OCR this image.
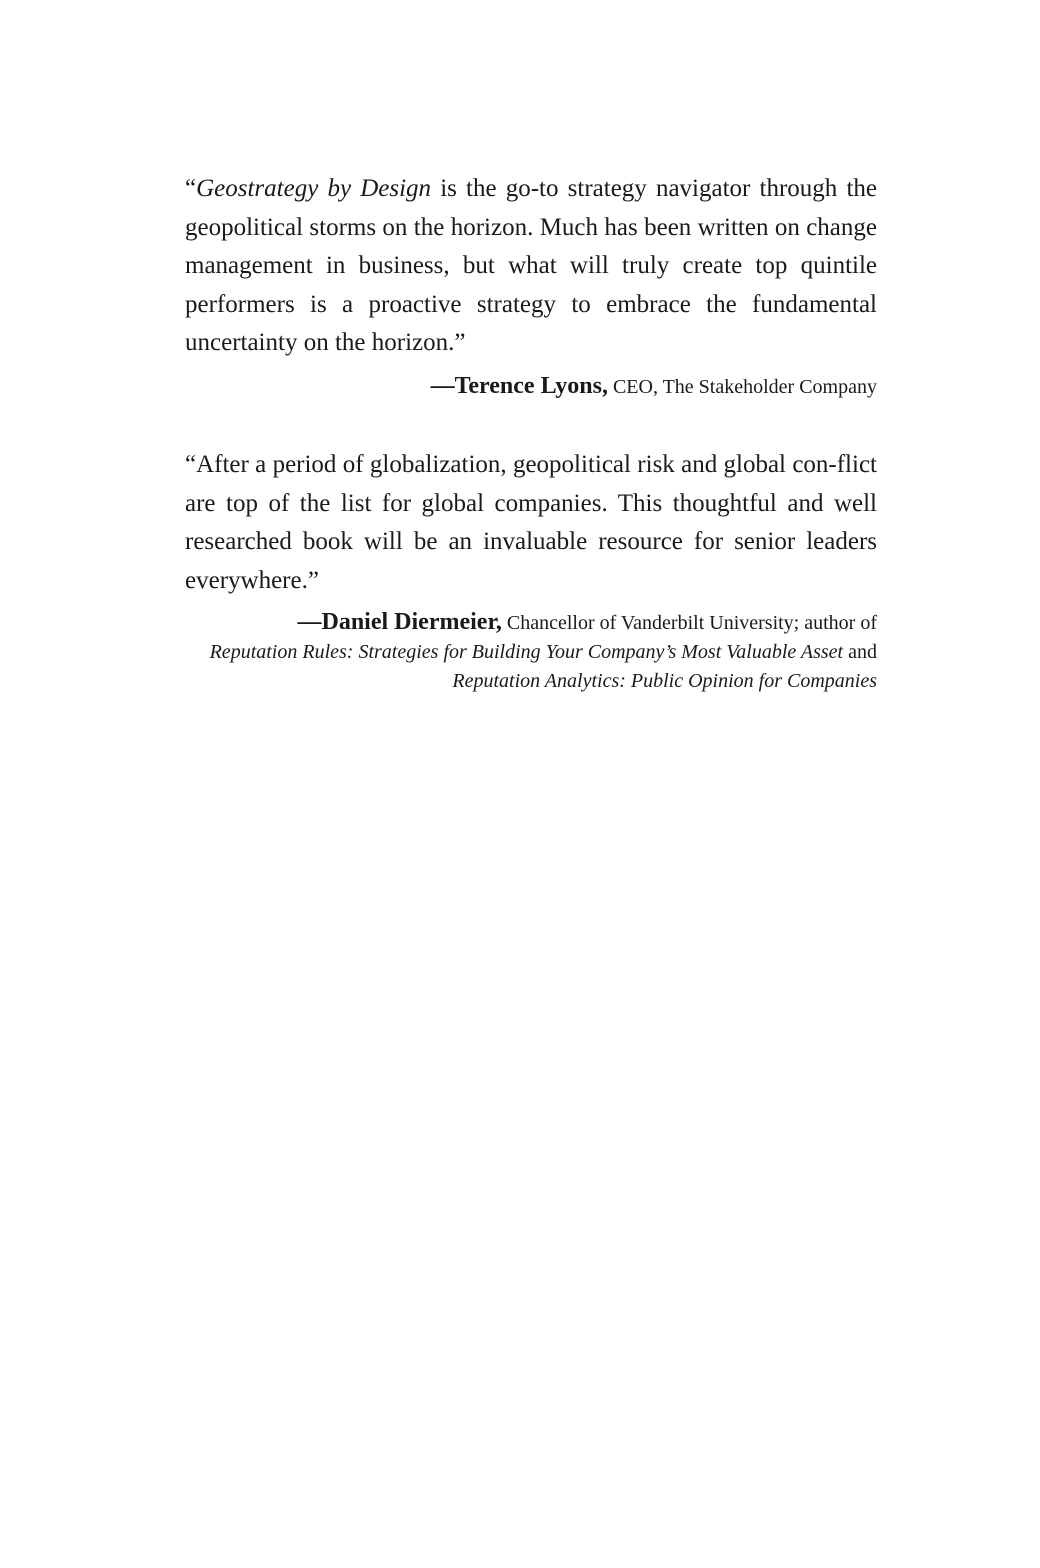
“Geostrategy by Design is the go-to strategy navigator through the geopolitical storms on the horizon. Much has been written on change management in business, but what will truly create top quintile performers is a proactive strategy to embrace the fundamental uncertainty on the horizon.”

—Terence Lyons, CEO, The Stakeholder Company

“After a period of globalization, geopolitical risk and global con-flict are top of the list for global companies. This thoughtful and well researched book will be an invaluable resource for senior leaders everywhere.”

—Daniel Diermeier, Chancellor of Vanderbilt University; author of
Reputation Rules: Strategies for Building Your Company’s Most Valuable Asset and Reputation Analytics: Public Opinion for Companies
